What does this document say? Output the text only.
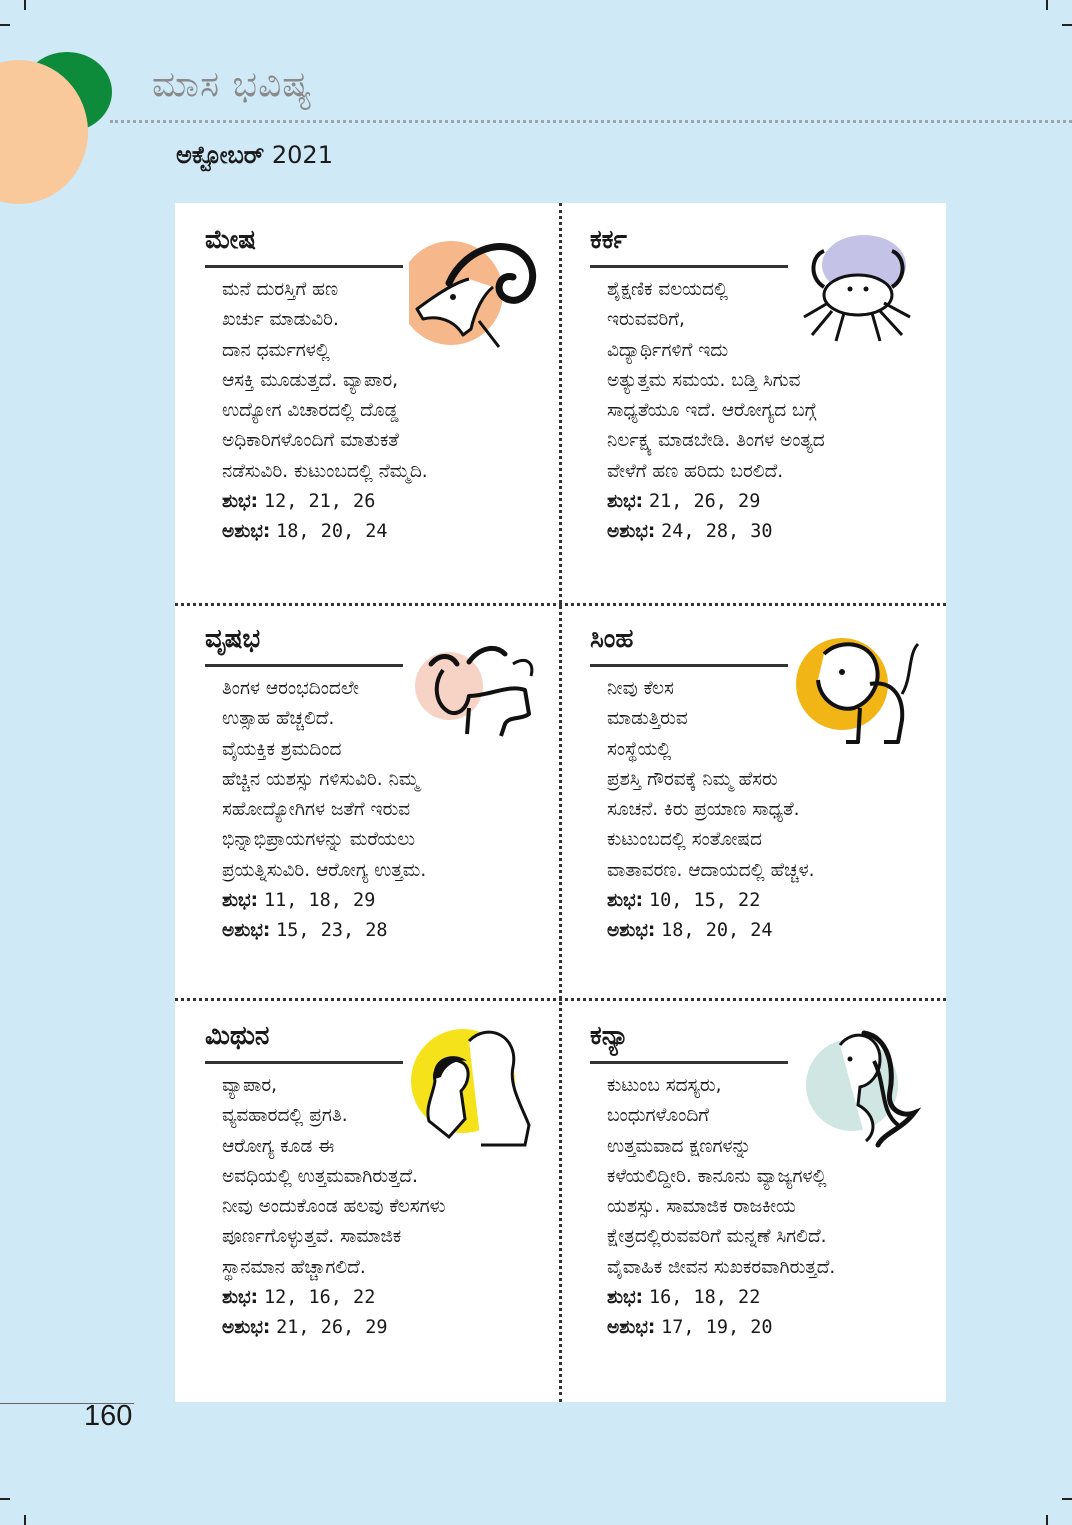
ಮಾಸ ಭವಿಷ್ಯ
ಅಕ್ಟೋಬರ್ 2021
ಮೇಷ
ಮನೆ ದುರಸ್ತಿಗೆ ಹಣ
ಖರ್ಚು ಮಾಡುವಿರಿ.
ದಾನ ಧರ್ಮಗಳಲ್ಲಿ
ಆಸಕ್ತಿ ಮೂಡುತ್ತದೆ. ವ್ಯಾಪಾರ,
ಉದ್ಯೋಗ ವಿಚಾರದಲ್ಲಿ ದೊಡ್ಡ
ಅಧಿಕಾರಿಗಳೊಂದಿಗೆ ಮಾತುಕತೆ
ನಡೆಸುವಿರಿ. ಕುಟುಂಬದಲ್ಲಿ ನೆಮ್ಮದಿ.
ಶುಭ: 12, 21, 26
ಅಶುಭ: 18, 20, 24
ಕರ್ಕ
ಶೈಕ್ಷಣಿಕ ವಲಯದಲ್ಲಿ
ಇರುವವರಿಗೆ,
ವಿದ್ಯಾರ್ಥಿಗಳಿಗೆ ಇದು
ಅತ್ಯುತ್ತಮ ಸಮಯ. ಬಡ್ತಿ ಸಿಗುವ
ಸಾಧ್ಯತೆಯೂ ಇದೆ. ಆರೋಗ್ಯದ ಬಗ್ಗೆ
ನಿರ್ಲಕ್ಷ್ಯ ಮಾಡಬೇಡಿ. ತಿಂಗಳ ಅಂತ್ಯದ
ವೇಳೆಗೆ ಹಣ ಹರಿದು ಬರಲಿದೆ.
ಶುಭ: 21, 26, 29
ಅಶುಭ: 24, 28, 30
ವೃಷಭ
ತಿಂಗಳ ಆರಂಭದಿಂದಲೇ
ಉತ್ಸಾಹ ಹೆಚ್ಚಲಿದೆ.
ವೈಯಕ್ತಿಕ ಶ್ರಮದಿಂದ
ಹೆಚ್ಚಿನ ಯಶಸ್ಸು ಗಳಿಸುವಿರಿ. ನಿಮ್ಮ
ಸಹೋದ್ಯೋಗಿಗಳ ಜತೆಗೆ ಇರುವ
ಭಿನ್ನಾಭಿಪ್ರಾಯಗಳನ್ನು ಮರೆಯಲು
ಪ್ರಯತ್ನಿಸುವಿರಿ. ಆರೋಗ್ಯ ಉತ್ತಮ.
ಶುಭ: 11, 18, 29
ಅಶುಭ: 15, 23, 28
ಸಿಂಹ
ನೀವು ಕೆಲಸ
ಮಾಡುತ್ತಿರುವ
ಸಂಸ್ಥೆಯಲ್ಲಿ
ಪ್ರಶಸ್ತಿ ಗೌರವಕ್ಕೆ ನಿಮ್ಮ ಹೆಸರು
ಸೂಚನೆ. ಕಿರು ಪ್ರಯಾಣ ಸಾಧ್ಯತೆ.
ಕುಟುಂಬದಲ್ಲಿ ಸಂತೋಷದ
ವಾತಾವರಣ. ಆದಾಯದಲ್ಲಿ ಹೆಚ್ಚಳ.
ಶುಭ: 10, 15, 22
ಅಶುಭ: 18, 20, 24
ಮಿಥುನ
ವ್ಯಾಪಾರ,
ವ್ಯವಹಾರದಲ್ಲಿ ಪ್ರಗತಿ.
ಆರೋಗ್ಯ ಕೂಡ ಈ
ಅವಧಿಯಲ್ಲಿ ಉತ್ತಮವಾಗಿರುತ್ತದೆ.
ನೀವು ಅಂದುಕೊಂಡ ಹಲವು ಕೆಲಸಗಳು
ಪೂರ್ಣಗೊಳ್ಳುತ್ತವೆ. ಸಾಮಾಜಿಕ
ಸ್ಥಾನಮಾನ ಹೆಚ್ಚಾಗಲಿದೆ.
ಶುಭ: 12, 16, 22
ಅಶುಭ: 21, 26, 29
ಕನ್ಯಾ
ಕುಟುಂಬ ಸದಸ್ಯರು,
ಬಂಧುಗಳೊಂದಿಗೆ
ಉತ್ತಮವಾದ ಕ್ಷಣಗಳನ್ನು
ಕಳೆಯಲಿದ್ದೀರಿ. ಕಾನೂನು ವ್ಯಾಜ್ಯಗಳಲ್ಲಿ
ಯಶಸ್ಸು. ಸಾಮಾಜಿಕ ರಾಜಕೀಯ
ಕ್ಷೇತ್ರದಲ್ಲಿರುವವರಿಗೆ ಮನ್ನಣೆ ಸಿಗಲಿದೆ.
ವೈವಾಹಿಕ ಜೀವನ ಸುಖಕರವಾಗಿರುತ್ತದೆ.
ಶುಭ: 16, 18, 22
ಅಶುಭ: 17, 19, 20
160
